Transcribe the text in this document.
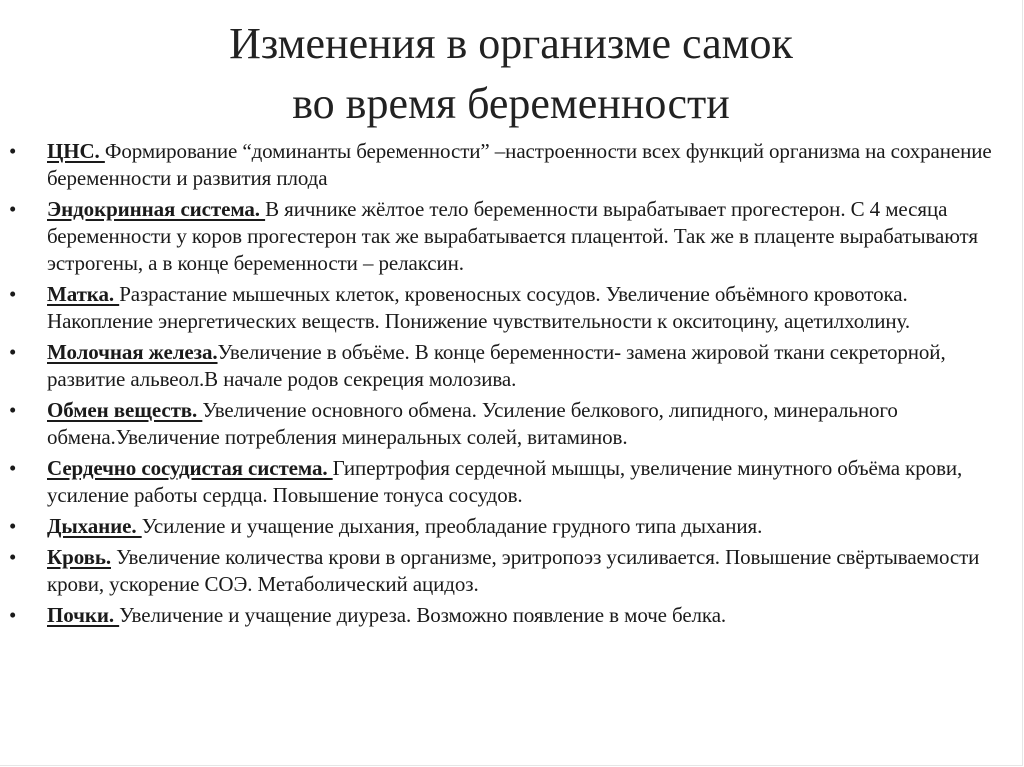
Изменения в организме самок
во время беременности
• ЦНС. Формирование “доминанты беременности” –настроенности всех функций организма на сохранение беременности и развития плода
• Эндокринная система. В яичнике жёлтое тело беременности вырабатывает прогестерон. С 4 месяца беременности у коров прогестерон так же вырабатывается плацентой. Так же в плаценте вырабатываютя эстрогены, а в конце беременности – релаксин.
• Матка. Разрастание мышечных клеток, кровеносных сосудов. Увеличение объёмного кровотока. Накопление энергетических веществ. Понижение чувствительности к окситоцину, ацетилхолину.
• Молочная железа.Увеличение в объёме. В конце беременности- замена жировой ткани секреторной, развитие альвеол.В начале родов секреция молозива.
• Обмен веществ. Увеличение основного обмена. Усиление белкового, липидного, минерального обмена.Увеличение потребления минеральных солей, витаминов.
• Сердечно сосудистая система. Гипертрофия сердечной мышцы, увеличение минутного объёма крови, усиление работы сердца. Повышение тонуса сосудов.
• Дыхание. Усиление и учащение дыхания, преобладание грудного типа дыхания.
• Кровь. Увеличение количества крови в организме, эритропоэз усиливается. Повышение свёртываемости крови, ускорение СОЭ. Метаболический ацидоз.
• Почки. Увеличение и учащение диуреза. Возможно появление в моче белка.
